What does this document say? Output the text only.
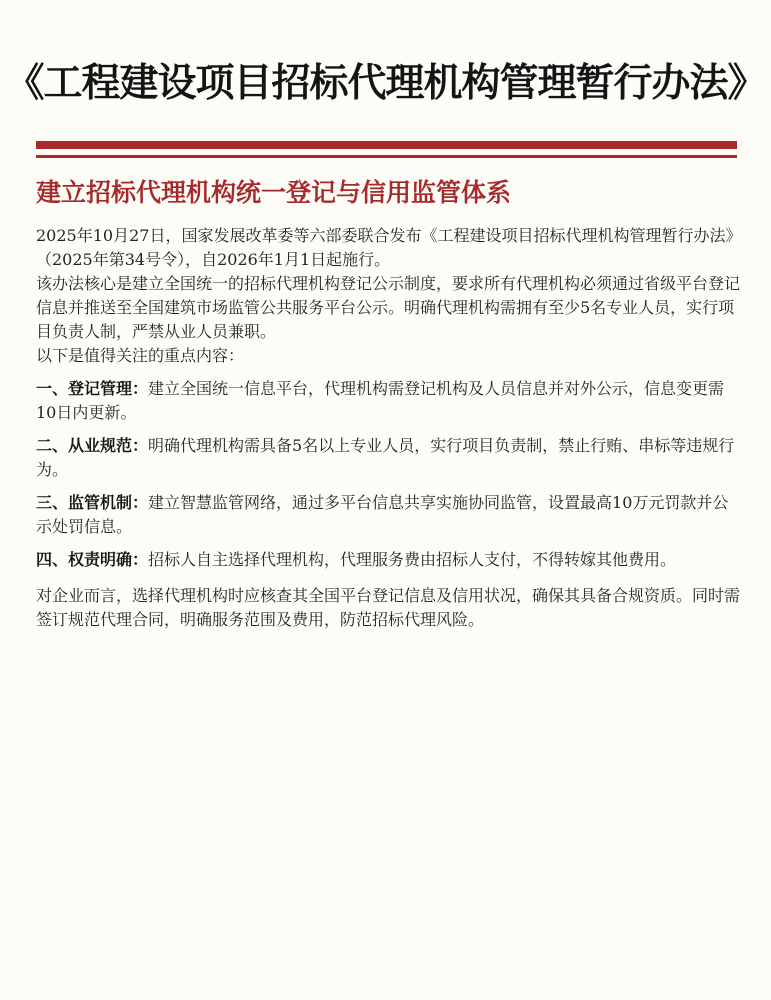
《工程建设项目招标代理机构管理暂行办法》
建立招标代理机构统一登记与信用监管体系

2025年10月27日，国家发展改革委等六部委联合发布《工程建设项目招标代理机构管理暂行办法》（2025年第34号令），自2026年1月1日起施行。

该办法核心是建立全国统一的招标代理机构登记公示制度，要求所有代理机构必须通过省级平台登记信息并推送至全国建筑市场监管公共服务平台公示。明确代理机构需拥有至少5名专业人员，实行项目负责人制，严禁从业人员兼职。

以下是值得关注的重点内容：

一、登记管理：建立全国统一信息平台，代理机构需登记机构及人员信息并对外公示，信息变更需10日内更新。

二、从业规范：明确代理机构需具备5名以上专业人员，实行项目负责制，禁止行贿、串标等违规行为。

三、监管机制：建立智慧监管网络，通过多平台信息共享实施协同监管，设置最高10万元罚款并公示处罚信息。

四、权责明确：招标人自主选择代理机构，代理服务费由招标人支付，不得转嫁其他费用。

对企业而言，选择代理机构时应核查其全国平台登记信息及信用状况，确保其具备合规资质。同时需签订规范代理合同，明确服务范围及费用，防范招标代理风险。
